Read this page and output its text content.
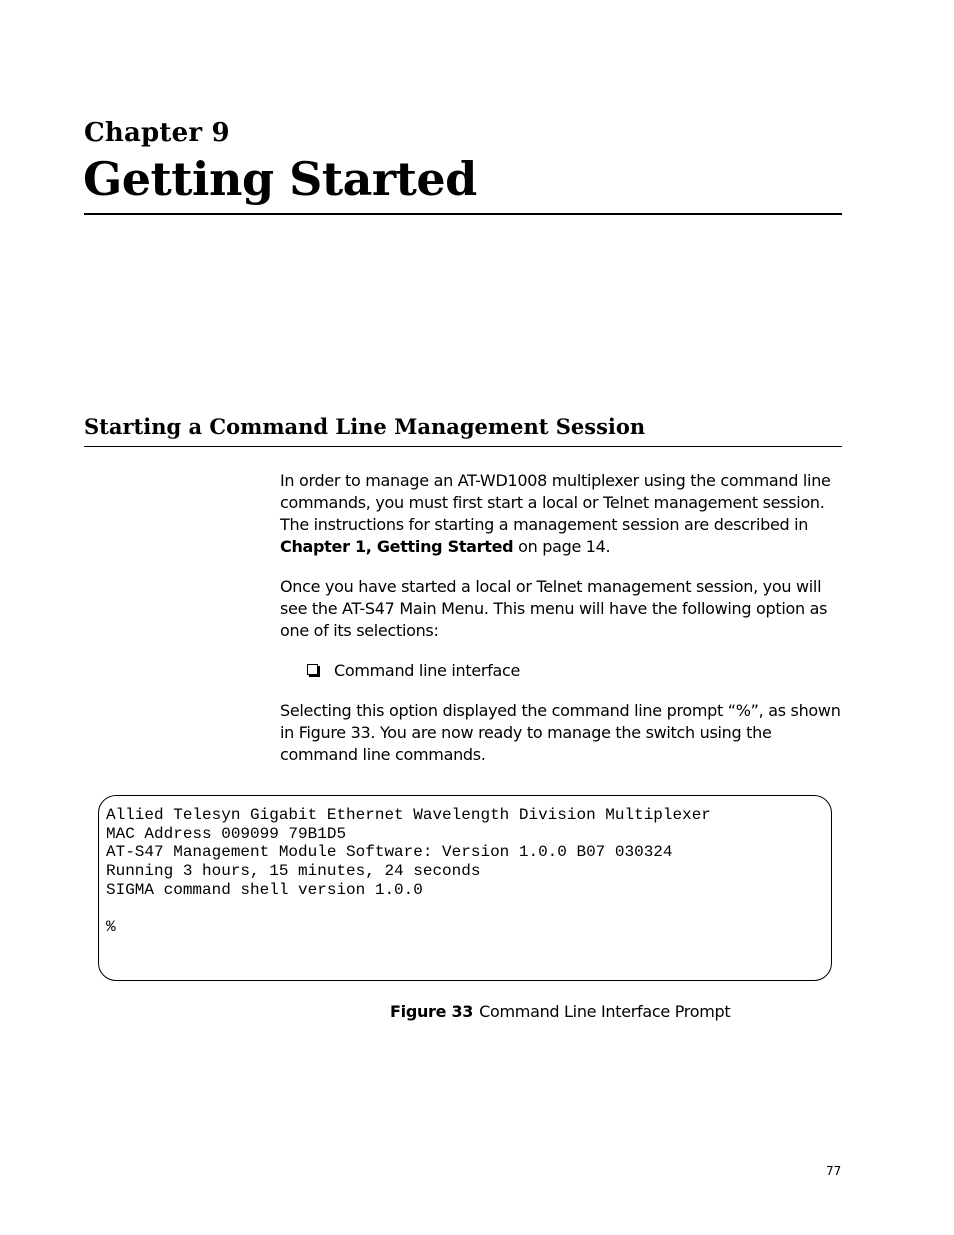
Chapter 9
Getting Started
Starting a Command Line Management Session

In order to manage an AT-WD1008 multiplexer using the command line commands, you must first start a local or Telnet management session. The instructions for starting a management session are described in Chapter 1, Getting Started on page 14.

Once you have started a local or Telnet management session, you will see the AT-S47 Main Menu. This menu will have the following option as one of its selections:

Command line interface

Selecting this option displayed the command line prompt “%”, as shown in Figure 33. You are now ready to manage the switch using the command line commands.

Allied Telesyn Gigabit Ethernet Wavelength Division Multiplexer
MAC Address 009099 79B1D5
AT-S47 Management Module Software: Version 1.0.0 B07 030324
Running 3 hours, 15 minutes, 24 seconds
SIGMA command shell version 1.0.0
%
Figure 33 Command Line Interface Prompt
77
